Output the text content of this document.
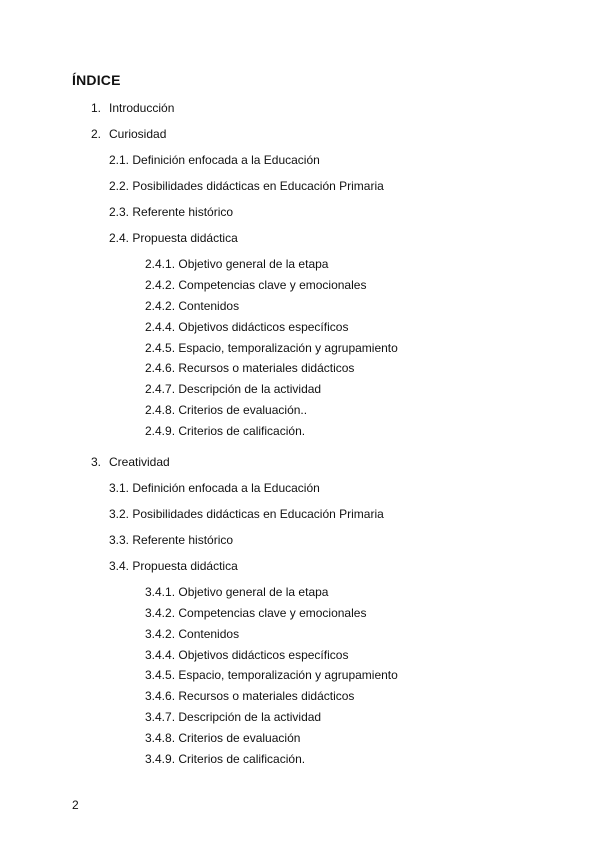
ÍNDICE
1. Introducción
2. Curiosidad
2.1. Definición enfocada a la Educación
2.2. Posibilidades didácticas en Educación Primaria
2.3. Referente histórico
2.4. Propuesta didáctica
2.4.1. Objetivo general de la etapa
2.4.2. Competencias clave y emocionales
2.4.2. Contenidos
2.4.4. Objetivos didácticos específicos
2.4.5. Espacio, temporalización y agrupamiento
2.4.6. Recursos o materiales didácticos
2.4.7. Descripción de la actividad
2.4.8. Criterios de evaluación..
2.4.9. Criterios de calificación.
3. Creatividad
3.1. Definición enfocada a la Educación
3.2. Posibilidades didácticas en Educación Primaria
3.3. Referente histórico
3.4. Propuesta didáctica
3.4.1. Objetivo general de la etapa
3.4.2. Competencias clave y emocionales
3.4.2. Contenidos
3.4.4. Objetivos didácticos específicos
3.4.5. Espacio, temporalización y agrupamiento
3.4.6. Recursos o materiales didácticos
3.4.7. Descripción de la actividad
3.4.8. Criterios de evaluación
3.4.9. Criterios de calificación.
2
